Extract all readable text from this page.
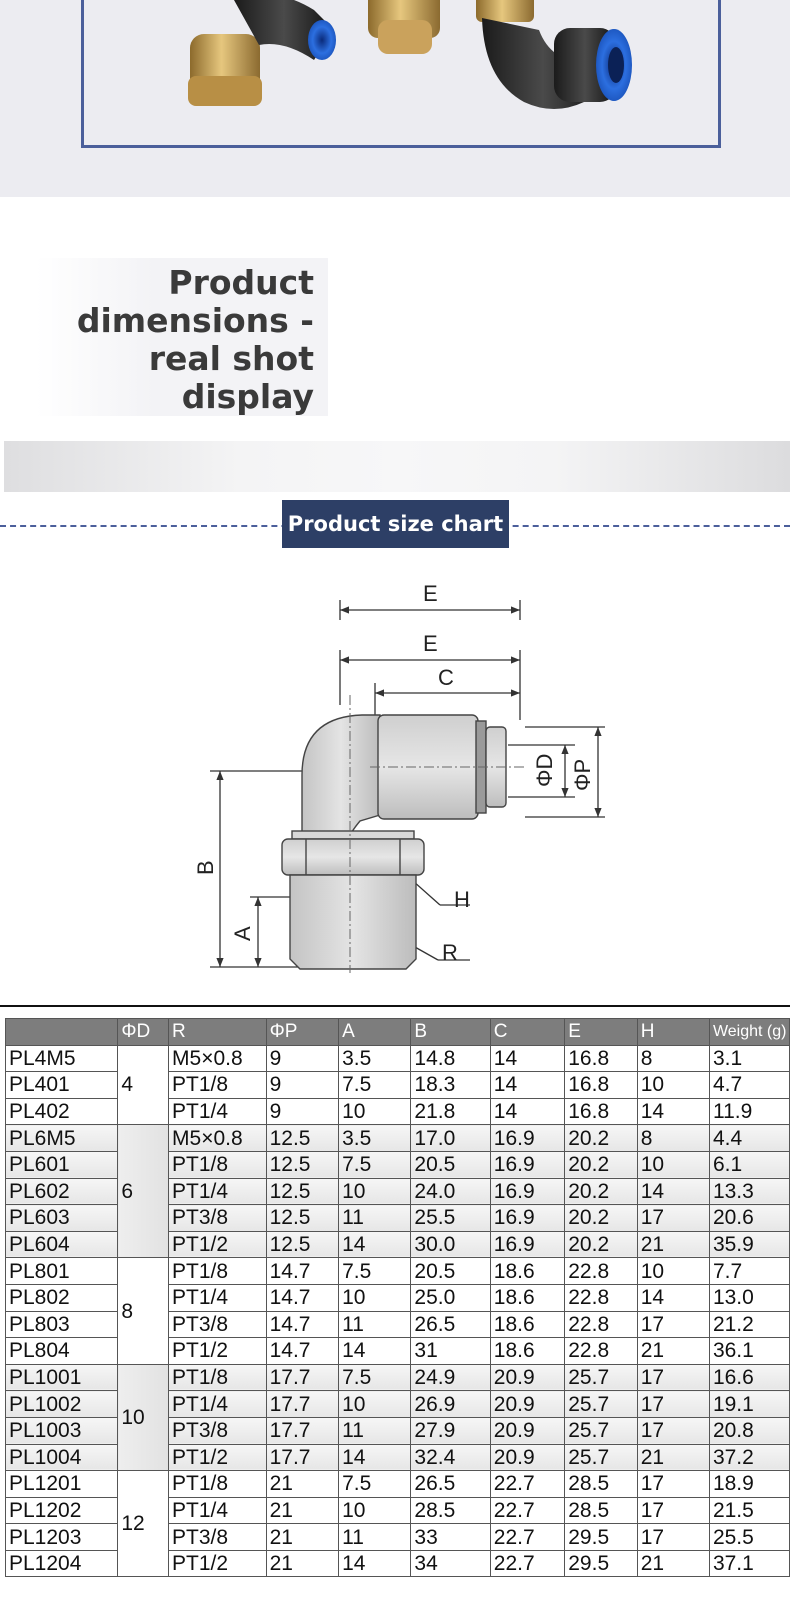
Product
dimensions -
real shot
display
Product size chart
E
E
C
H
R
ΦD ΦP
B
A
	ΦD	R	ΦP	A	B	C	E	H	Weight (g)
PL4M5	4	M5×0.8	9	3.5	14.8	14	16.8	8	3.1
PL401		PT1/8	9	7.5	18.3	14	16.8	10	4.7
PL402		PT1/4	9	10	21.8	14	16.8	14	11.9
PL6M5	6	M5×0.8	12.5	3.5	17.0	16.9	20.2	8	4.4
PL601		PT1/8	12.5	7.5	20.5	16.9	20.2	10	6.1
PL602		PT1/4	12.5	10	24.0	16.9	20.2	14	13.3
PL603		PT3/8	12.5	11	25.5	16.9	20.2	17	20.6
PL604		PT1/2	12.5	14	30.0	16.9	20.2	21	35.9
PL801	8	PT1/8	14.7	7.5	20.5	18.6	22.8	10	7.7
PL802		PT1/4	14.7	10	25.0	18.6	22.8	14	13.0
PL803		PT3/8	14.7	11	26.5	18.6	22.8	17	21.2
PL804		PT1/2	14.7	14	31	18.6	22.8	21	36.1
PL1001	10	PT1/8	17.7	7.5	24.9	20.9	25.7	17	16.6
PL1002		PT1/4	17.7	10	26.9	20.9	25.7	17	19.1
PL1003		PT3/8	17.7	11	27.9	20.9	25.7	17	20.8
PL1004		PT1/2	17.7	14	32.4	20.9	25.7	21	37.2
PL1201	12	PT1/8	21	7.5	26.5	22.7	28.5	17	18.9
PL1202		PT1/4	21	10	28.5	22.7	28.5	17	21.5
PL1203		PT3/8	21	11	33	22.7	29.5	17	25.5
PL1204		PT1/2	21	14	34	22.7	29.5	21	37.1
